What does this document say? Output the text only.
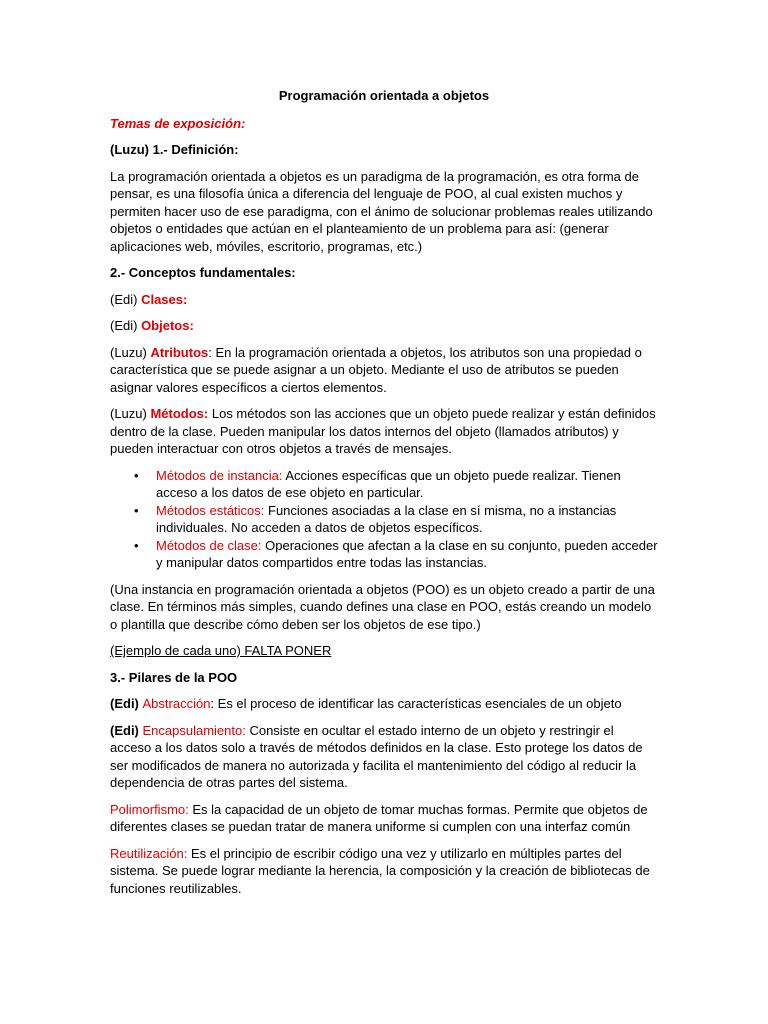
Programación orientada a objetos

Temas de exposición:

(Luzu) 1.- Definición:

La programación orientada a objetos es un paradigma de la programación, es otra forma de pensar, es una filosofía única a diferencia del lenguaje de POO, al cual existen muchos y permiten hacer uso de ese paradigma, con el ánimo de solucionar problemas reales utilizando objetos o entidades que actúan en el planteamiento de un problema para así: (generar aplicaciones web, móviles, escritorio, programas, etc.)

2.- Conceptos fundamentales:

(Edi) Clases:

(Edi) Objetos:

(Luzu) Atributos: En la programación orientada a objetos, los atributos son una propiedad o característica que se puede asignar a un objeto. Mediante el uso de atributos se pueden asignar valores específicos a ciertos elementos.

(Luzu) Métodos: Los métodos son las acciones que un objeto puede realizar y están definidos dentro de la clase. Pueden manipular los datos internos del objeto (llamados atributos) y pueden interactuar con otros objetos a través de mensajes.

• Métodos de instancia: Acciones específicas que un objeto puede realizar. Tienen acceso a los datos de ese objeto en particular.
• Métodos estáticos: Funciones asociadas a la clase en sí misma, no a instancias individuales. No acceden a datos de objetos específicos.
• Métodos de clase: Operaciones que afectan a la clase en su conjunto, pueden acceder y manipular datos compartidos entre todas las instancias.

(Una instancia en programación orientada a objetos (POO) es un objeto creado a partir de una clase. En términos más simples, cuando defines una clase en POO, estás creando un modelo o plantilla que describe cómo deben ser los objetos de ese tipo.)

(Ejemplo de cada uno) FALTA PONER

3.- Pilares de la POO

(Edi) Abstracción: Es el proceso de identificar las características esenciales de un objeto

(Edi) Encapsulamiento: Consiste en ocultar el estado interno de un objeto y restringir el acceso a los datos solo a través de métodos definidos en la clase. Esto protege los datos de ser modificados de manera no autorizada y facilita el mantenimiento del código al reducir la dependencia de otras partes del sistema.

Polimorfismo: Es la capacidad de un objeto de tomar muchas formas. Permite que objetos de diferentes clases se puedan tratar de manera uniforme si cumplen con una interfaz común

Reutilización: Es el principio de escribir código una vez y utilizarlo en múltiples partes del sistema. Se puede lograr mediante la herencia, la composición y la creación de bibliotecas de funciones reutilizables.
